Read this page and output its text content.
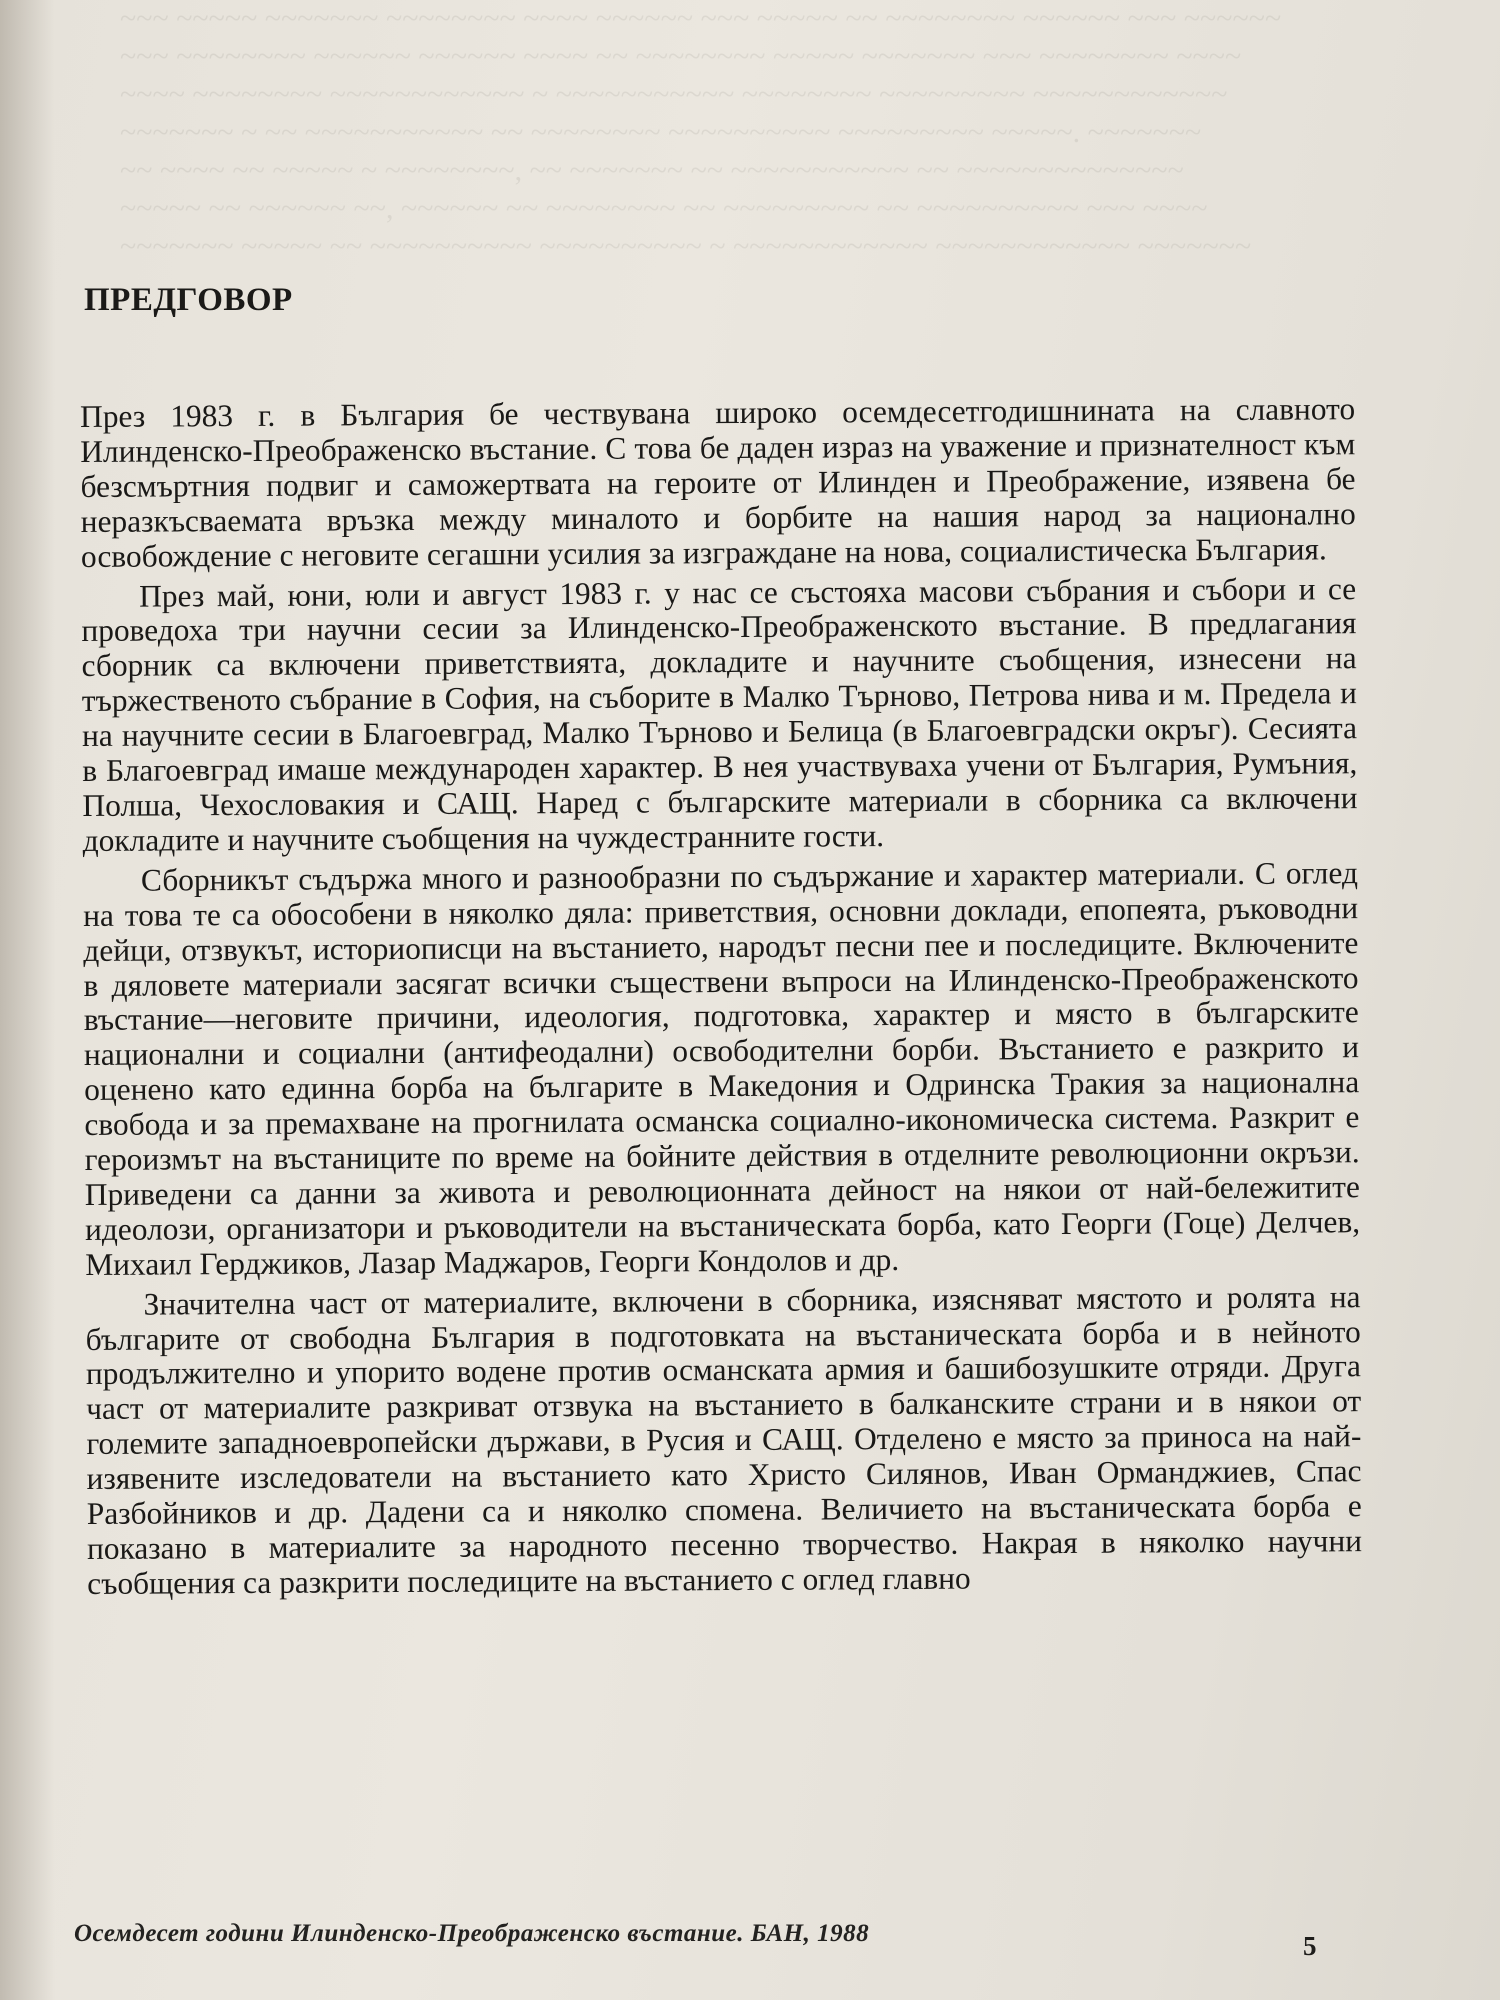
~~~ ~~~~~ ~~~~~~~ ~~~~~~~~ ~~~~ ~~~~~~ ~~~ ~~~~~ ~~ ~~~~~~~~ ~~~~~~ ~~~ ~~~~~~
~~~ ~~~~~~~~ ~~~~~~ ~~~~~~ ~~~~ ~~ ~~~~~~~~ ~~~~~ ~~~~~~~ ~~~ ~~~~~~~~ ~~~~
~~~~ ~~~~~~~~ ~~~~~~~~~~~~ ~ ~~~~~~~~~~~ ~~~~~~~~ ~~~~~~~~~ ~~~~~~~~~~~~
~~~~~~~ ~ ~~ ~~~~~~~~~~~ ~~ ~~~~~~~~ ~~~~~~~~~~ ~~~~~~~~~ ~~~~~. ~~~~~~~
~~ ~~~~ ~~ ~~~~~ ~ ~~~~~~~~, ~~ ~~~~~~~ ~~ ~~~~~~~~~~~ ~~ ~~~~~~~~~~~~~~
~~~~~ ~~ ~~~~~~ ~~, ~~~~~~ ~~ ~~~~~~~~ ~~ ~~~~~~~~~ ~~ ~~~~~~~~~~ ~~~ ~~~~
~~~~~~~ ~~~~~ ~~ ~~~~~~~~~~ ~~~~~~~~~~ ~ ~~~~~~~~~~~~ ~~~~~~~~~~~~ ~~~~~~~
ПРЕДГОВОР

През 1983 г. в България бе чествувана широко осемдесетгодишнината на славното Илинденско-Преображенско въстание. С това бе даден израз на уважение и признателност към безсмъртния подвиг и саможертвата на героите от Илинден и Преображение, изявена бе неразкъсваемата връзка между миналото и борбите на нашия народ за национално освобождение с неговите сегашни усилия за изграждане на нова, социалистическа България.

През май, юни, юли и август 1983 г. у нас се състояха масови събрания и събори и се проведоха три научни сесии за Илинденско-Преображенското въстание. В предлагания сборник са включени приветствията, докладите и научните съобщения, изнесени на тържественото събрание в София, на съборите в Малко Търново, Петрова нива и м. Предела и на научните сесии в Благоевград, Малко Търново и Белица (в Благоевградски окръг). Сесията в Благоевград имаше международен характер. В нея участвуваха учени от България, Румъния, Полша, Чехословакия и САЩ. Наред с българските материали в сборника са включени докладите и научните съобщения на чуждестранните гости.

Сборникът съдържа много и разнообразни по съдържание и характер материали. С оглед на това те са обособени в няколко дяла: приветствия, основни доклади, епопеята, ръководни дейци, отзвукът, историописци на въстанието, народът песни пее и последиците. Включените в дяловете материали засягат всички съществени въпроси на Илинденско-Преображенското въстание—неговите причини, идеология, подготовка, характер и място в българските национални и социални (антифеодални) освободителни борби. Въстанието е разкрито и оценено като единна борба на българите в Македония и Одринска Тракия за национална свобода и за премахване на прогнилата османска социално-икономическа система. Разкрит е героизмът на въстаниците по време на бойните действия в отделните революционни окръзи. Приведени са данни за живота и революционната дейност на някои от най-бележитите идеолози, организатори и ръководители на въстаническата борба, като Георги (Гоце) Делчев, Михаил Герджиков, Лазар Маджаров, Георги Кондолов и др.

Значителна част от материалите, включени в сборника, изясняват мястото и ролята на българите от свободна България в подготовката на въстаническата борба и в нейното продължително и упорито водене против османската армия и башибозушките отряди. Друга част от материалите разкриват отзвука на въстанието в балканските страни и в някои от големите западноевропейски държави, в Русия и САЩ. Отделено е място за приноса на най-изявените изследователи на въстанието като Христо Силянов, Иван Орманджиев, Спас Разбойников и др. Дадени са и няколко спомена. Величието на въстаническата борба е показано в материалите за народното песенно творчество. Накрая в няколко научни съобщения са разкрити последиците на въстанието с оглед главно

Осемдесет години Илинденско-Преображенско въстание. БАН, 1988	5
